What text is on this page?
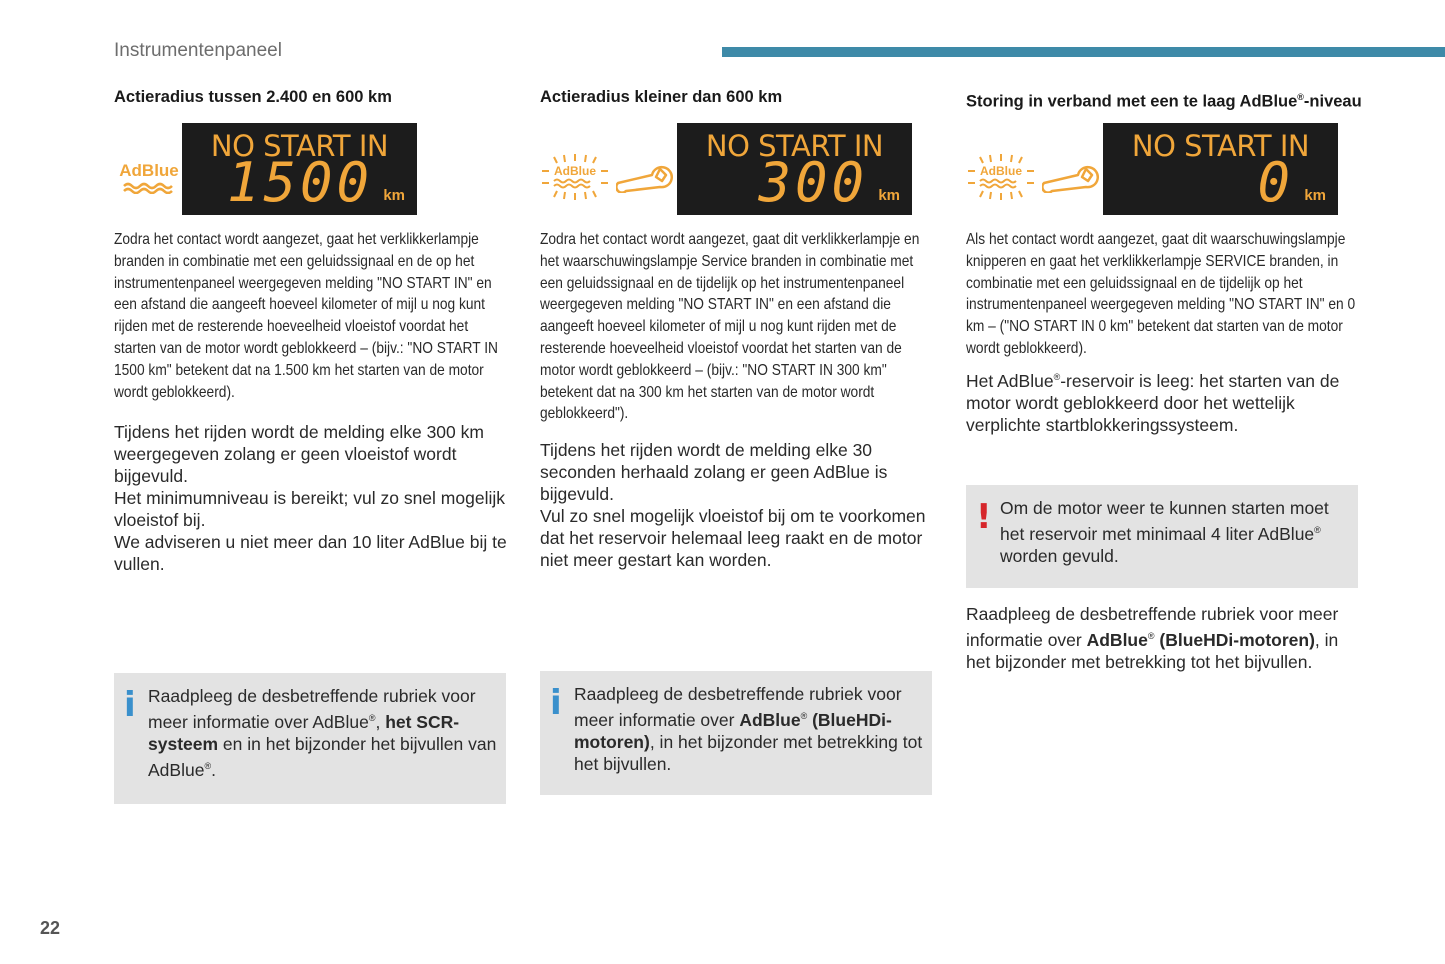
Instrumentenpaneel
Actieradius tussen 2.400 en 600 km
AdBlue
NO START IN
1500 km
Zodra het contact wordt aangezet, gaat het verklikkerlampje branden in combinatie met een geluidssignaal en de op het instrumentenpaneel weergegeven melding "NO START IN" en een afstand die aangeeft hoeveel kilometer of mijl u nog kunt rijden met de resterende hoeveelheid vloeistof voordat het starten van de motor wordt geblokkeerd – (bijv.: "NO START IN 1500 km" betekent dat na 1.500 km het starten van de motor wordt geblokkeerd).
Tijdens het rijden wordt de melding elke 300 km weergegeven zolang er geen vloeistof wordt bijgevuld.
Het minimumniveau is bereikt; vul zo snel mogelijk vloeistof bij.
We adviseren u niet meer dan 10 liter AdBlue bij te vullen.
i Raadpleeg de desbetreffende rubriek voor meer informatie over AdBlue®, het SCR-systeem en in het bijzonder het bijvullen van AdBlue®.
Actieradius kleiner dan 600 km
AdBlue
NO START IN
300 km
Zodra het contact wordt aangezet, gaat dit verklikkerlampje en het waarschuwingslampje Service branden in combinatie met een geluidssignaal en de tijdelijk op het instrumentenpaneel weergegeven melding "NO START IN" en een afstand die aangeeft hoeveel kilometer of mijl u nog kunt rijden met de resterende hoeveelheid vloeistof voordat het starten van de motor wordt geblokkeerd – (bijv.: "NO START IN 300 km" betekent dat na 300 km het starten van de motor wordt geblokkeerd").
Tijdens het rijden wordt de melding elke 30 seconden herhaald zolang er geen AdBlue is bijgevuld.
Vul zo snel mogelijk vloeistof bij om te voorkomen dat het reservoir helemaal leeg raakt en de motor niet meer gestart kan worden.
i Raadpleeg de desbetreffende rubriek voor meer informatie over AdBlue® (BlueHDi-motoren), in het bijzonder met betrekking tot het bijvullen.
Storing in verband met een te laag AdBlue®-niveau
AdBlue
NO START IN
0 km
Als het contact wordt aangezet, gaat dit waarschuwingslampje knipperen en gaat het verklikkerlampje SERVICE branden, in combinatie met een geluidssignaal en de tijdelijk op het instrumentenpaneel weergegeven melding "NO START IN" en 0 km – ("NO START IN 0 km" betekent dat starten van de motor wordt geblokkeerd).
Het AdBlue®-reservoir is leeg: het starten van de motor wordt geblokkeerd door het wettelijk verplichte startblokkeringssysteem.
! Om de motor weer te kunnen starten moet het reservoir met minimaal 4 liter AdBlue® worden gevuld.
Raadpleeg de desbetreffende rubriek voor meer informatie over AdBlue® (BlueHDi-motoren), in het bijzonder met betrekking tot het bijvullen.
22
